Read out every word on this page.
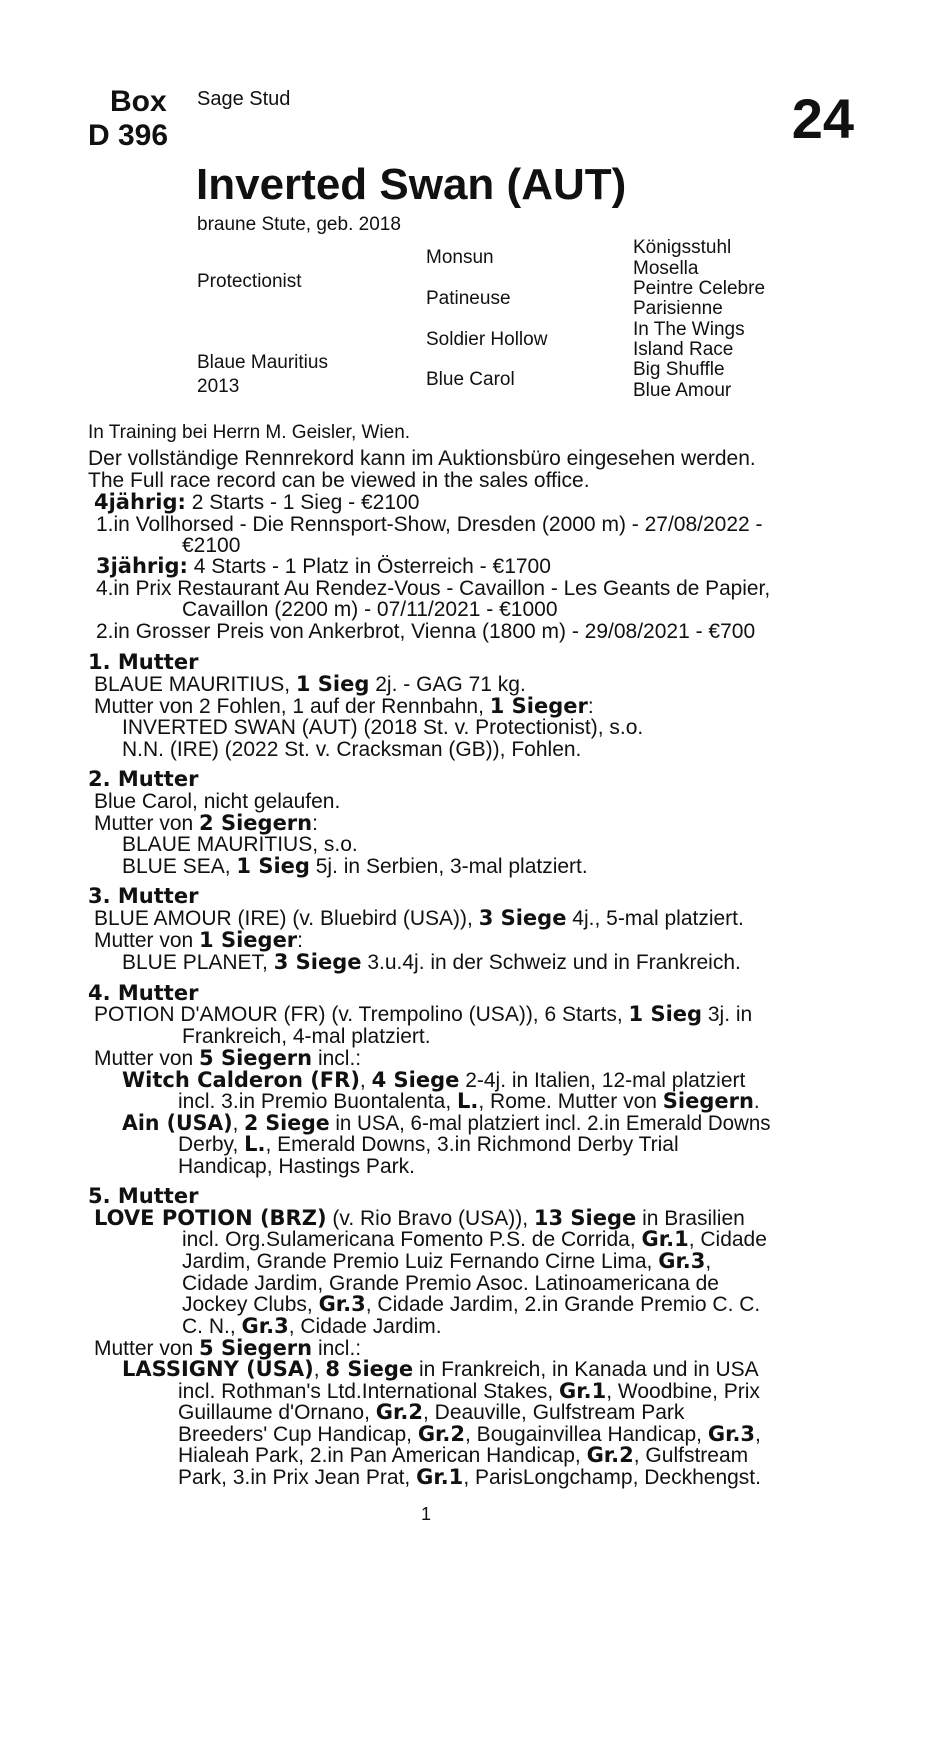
Box
D 396
Sage Stud	24
Inverted Swan (AUT)
braune Stute, geb. 2018
Protectionist
Blaue Mauritius
2013
Monsun
Patineuse
Soldier Hollow
Blue Carol
Königsstuhl
Mosella
Peintre Celebre
Parisienne
In The Wings
Island Race
Big Shuffle
Blue Amour
In Training bei Herrn M. Geisler, Wien.
Der vollständige Rennrekord kann im Auktionsbüro eingesehen werden.
The Full race record can be viewed in the sales office.
4jährig: 2 Starts - 1 Sieg - €2100
1.in Vollhorsed - Die Rennsport-Show, Dresden (2000 m) - 27/08/2022 -
€2100
3jährig: 4 Starts - 1 Platz in Österreich - €1700
4.in Prix Restaurant Au Rendez-Vous - Cavaillon - Les Geants de Papier,
Cavaillon (2200 m) - 07/11/2021 - €1000
2.in Grosser Preis von Ankerbrot, Vienna (1800 m) - 29/08/2021 - €700
1. Mutter
BLAUE MAURITIUS, 1 Sieg 2j. - GAG 71 kg.
Mutter von 2 Fohlen, 1 auf der Rennbahn, 1 Sieger:
INVERTED SWAN (AUT) (2018 St. v. Protectionist), s.o.
N.N. (IRE) (2022 St. v. Cracksman (GB)), Fohlen.
2. Mutter
Blue Carol, nicht gelaufen.
Mutter von 2 Siegern:
BLAUE MAURITIUS, s.o.
BLUE SEA, 1 Sieg 5j. in Serbien, 3-mal platziert.
3. Mutter
BLUE AMOUR (IRE) (v. Bluebird (USA)), 3 Siege 4j., 5-mal platziert.
Mutter von 1 Sieger:
BLUE PLANET, 3 Siege 3.u.4j. in der Schweiz und in Frankreich.
4. Mutter
POTION D'AMOUR (FR) (v. Trempolino (USA)), 6 Starts, 1 Sieg 3j. in
Frankreich, 4-mal platziert.
Mutter von 5 Siegern incl.:
Witch Calderon (FR), 4 Siege 2-4j. in Italien, 12-mal platziert
incl. 3.in Premio Buontalenta, L., Rome. Mutter von Siegern.
Ain (USA), 2 Siege in USA, 6-mal platziert incl. 2.in Emerald Downs
Derby, L., Emerald Downs, 3.in Richmond Derby Trial
Handicap, Hastings Park.
5. Mutter
LOVE POTION (BRZ) (v. Rio Bravo (USA)), 13 Siege in Brasilien
incl. Org.Sulamericana Fomento P.S. de Corrida, Gr.1, Cidade
Jardim, Grande Premio Luiz Fernando Cirne Lima, Gr.3,
Cidade Jardim, Grande Premio Asoc. Latinoamericana de
Jockey Clubs, Gr.3, Cidade Jardim, 2.in Grande Premio C. C.
C. N., Gr.3, Cidade Jardim.
Mutter von 5 Siegern incl.:
LASSIGNY (USA), 8 Siege in Frankreich, in Kanada und in USA
incl. Rothman's Ltd.International Stakes, Gr.1, Woodbine, Prix
Guillaume d'Ornano, Gr.2, Deauville, Gulfstream Park
Breeders' Cup Handicap, Gr.2, Bougainvillea Handicap, Gr.3,
Hialeah Park, 2.in Pan American Handicap, Gr.2, Gulfstream
Park, 3.in Prix Jean Prat, Gr.1, ParisLongchamp, Deckhengst.
1
